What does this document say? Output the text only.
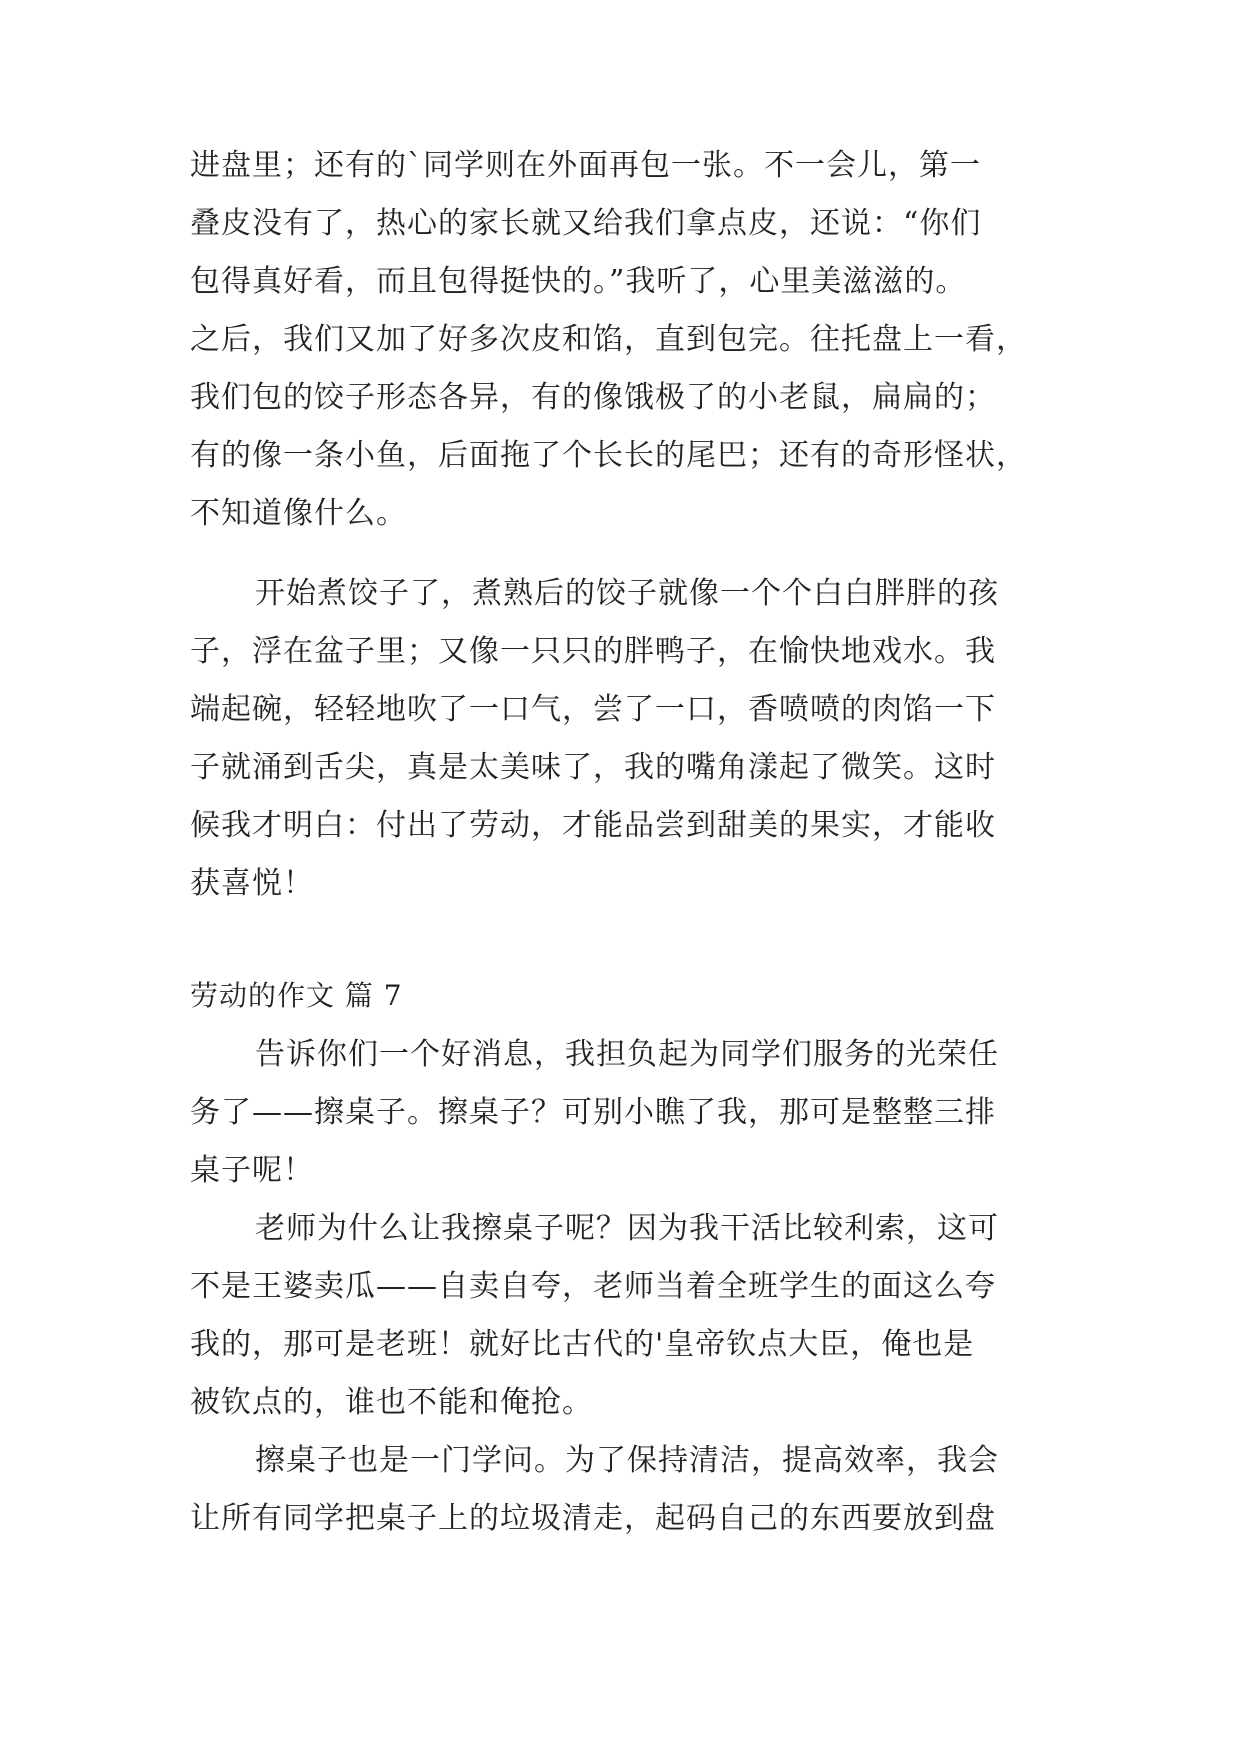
进盘里；还有的`同学则在外面再包一张。不一会儿，第一
叠皮没有了，热心的家长就又给我们拿点皮，还说：“你们
包得真好看，而且包得挺快的。”我听了，心里美滋滋的。
之后，我们又加了好多次皮和馅，直到包完。往托盘上一看，
我们包的饺子形态各异，有的像饿极了的小老鼠，扁扁的；
有的像一条小鱼，后面拖了个长长的尾巴；还有的奇形怪状，
不知道像什么。
开始煮饺子了，煮熟后的饺子就像一个个白白胖胖的孩
子，浮在盆子里；又像一只只的胖鸭子，在愉快地戏水。我
端起碗，轻轻地吹了一口气，尝了一口，香喷喷的肉馅一下
子就涌到舌尖，真是太美味了，我的嘴角漾起了微笑。这时
候我才明白：付出了劳动，才能品尝到甜美的果实，才能收
获喜悦！
劳动的作文 篇 7
告诉你们一个好消息，我担负起为同学们服务的光荣任
务了——擦桌子。擦桌子？可别小瞧了我，那可是整整三排
桌子呢！
老师为什么让我擦桌子呢？因为我干活比较利索，这可
不是王婆卖瓜——自卖自夸，老师当着全班学生的面这么夸
我的，那可是老班！就好比古代的'皇帝钦点大臣，俺也是
被钦点的，谁也不能和俺抢。
擦桌子也是一门学问。为了保持清洁，提高效率，我会
让所有同学把桌子上的垃圾清走，起码自己的东西要放到盘
